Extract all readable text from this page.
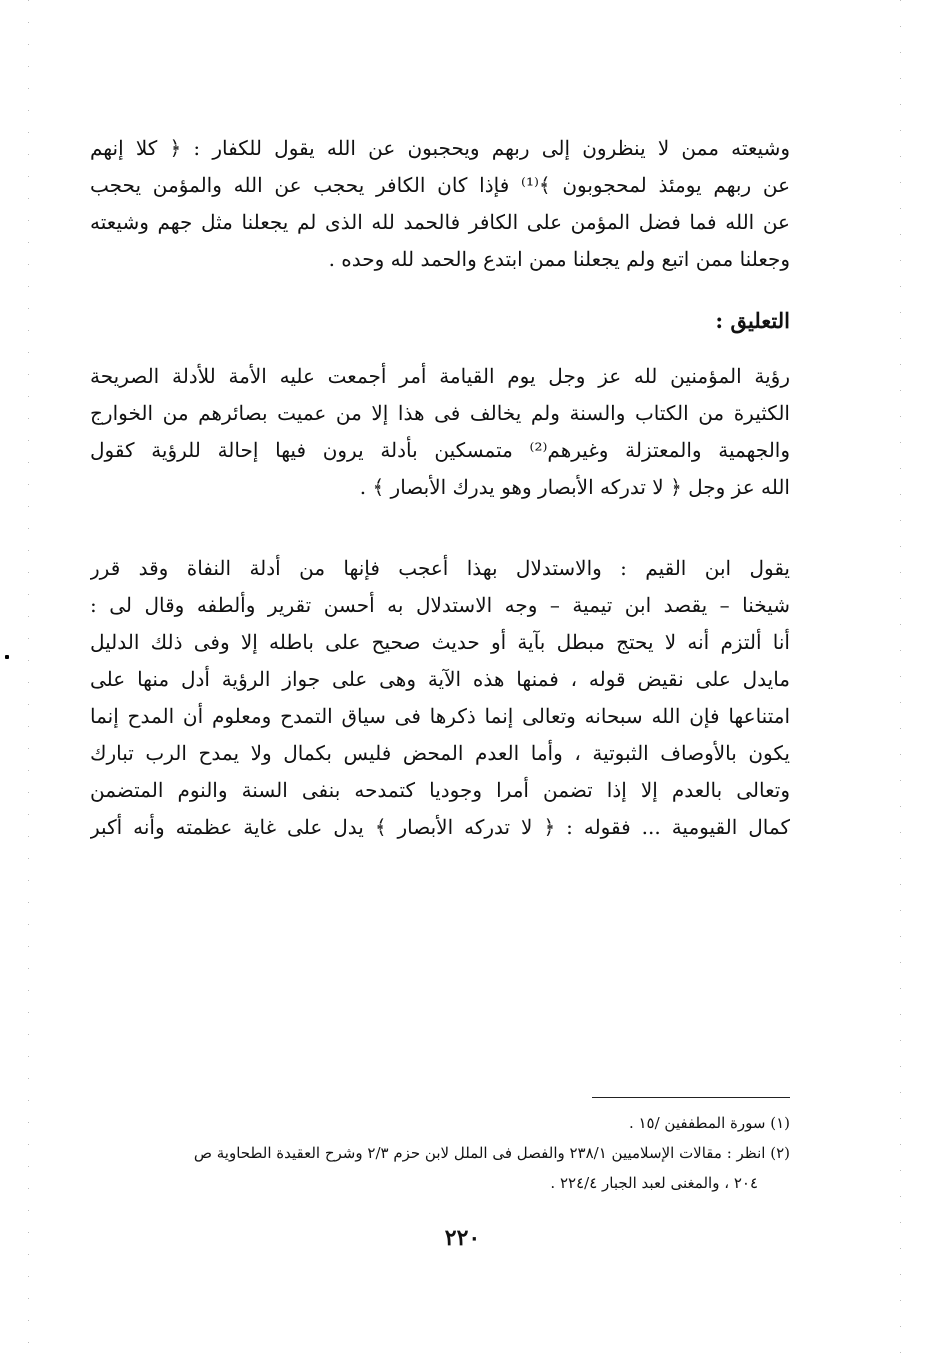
وشيعته ممن لا ينظرون إلى ربهم ويحجبون عن الله يقول للكفار : ﴿ كلا إنهم
عن ربهم يومئذ لمحجوبون ﴾⁽¹⁾ فإذا كان الكافر يحجب عن الله والمؤمن يحجب
عن الله فما فضل المؤمن على الكافر فالحمد لله الذى لم يجعلنا مثل جهم وشيعته
وجعلنا ممن اتبع ولم يجعلنا ممن ابتدع والحمد لله وحده .
التعليق :
رؤية المؤمنين لله عز وجل يوم القيامة أمر أجمعت عليه الأمة للأدلة الصريحة
الكثيرة من الكتاب والسنة ولم يخالف فى هذا إلا من عميت بصائرهم من الخوارج
والجهمية والمعتزلة وغيرهم⁽²⁾ متمسكين بأدلة يرون فيها إحالة للرؤية كقول
الله عز وجل ﴿ لا تدركه الأبصار وهو يدرك الأبصار ﴾ .
يقول ابن القيم : والاستدلال بهذا أعجب فإنها من أدلة النفاة وقد قرر
شيخنا – يقصد ابن تيمية – وجه الاستدلال به أحسن تقرير وألطفه وقال لى :
أنا ألتزم أنه لا يحتج مبطل بآية أو حديث صحيح على باطله إلا وفى ذلك الدليل
مايدل على نقيض قوله ، فمنها هذه الآية وهى على جواز الرؤية أدل منها على
امتناعها فإن الله سبحانه وتعالى إنما ذكرها فى سياق التمدح ومعلوم أن المدح إنما
يكون بالأوصاف الثبوتية ، وأما العدم المحض فليس بكمال ولا يمدح الرب تبارك
وتعالى بالعدم إلا إذا تضمن أمرا وجوديا كتمدحه بنفى السنة والنوم المتضمن
كمال القيومية ... فقوله : ﴿ لا تدركه الأبصار ﴾ يدل على غاية عظمته وأنه أكبر
(١) سورة المطففين /١٥ .
(٢) انظر : مقالات الإسلاميين ٢٣٨/١ والفصل فى الملل لابن حزم ٢/٣ وشرح العقيدة الطحاوية ص
٢٠٤ ، والمغنى لعبد الجبار ٢٢٤/٤ .
٢٢٠
